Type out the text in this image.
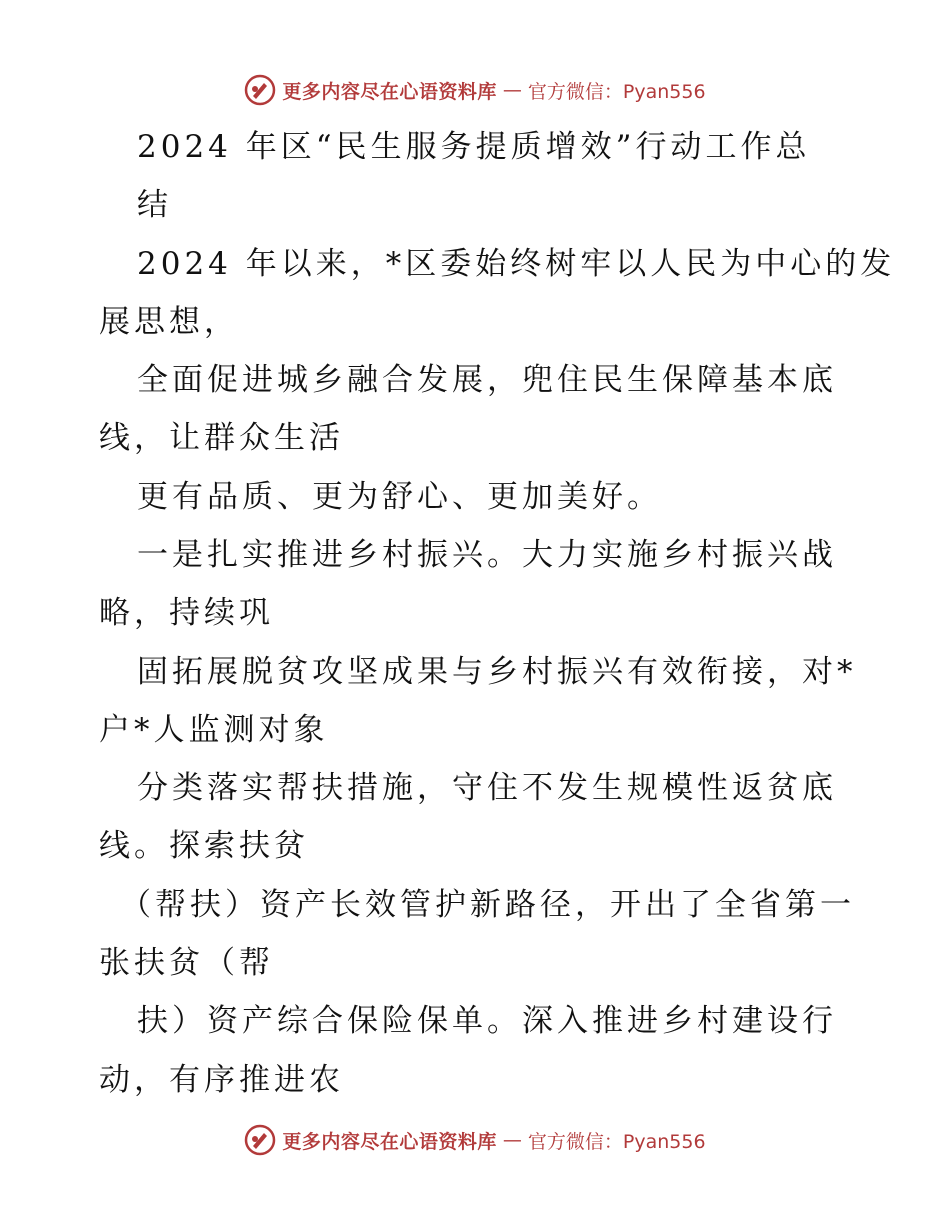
更多内容尽在心语资料库 — 官方微信：Pyan556
2024 年区“民生服务提质增效”行动工作总
结
2024 年以来，*区委始终树牢以人民为中心的发
展思想，
全面促进城乡融合发展，兜住民生保障基本底
线，让群众生活
更有品质、更为舒心、更加美好。
一是扎实推进乡村振兴。大力实施乡村振兴战
略，持续巩
固拓展脱贫攻坚成果与乡村振兴有效衔接，对*
户*人监测对象
分类落实帮扶措施，守住不发生规模性返贫底
线。探索扶贫
（帮扶）资产长效管护新路径，开出了全省第一
张扶贫（帮
扶）资产综合保险保单。深入推进乡村建设行
动，有序推进农
更多内容尽在心语资料库 — 官方微信：Pyan556
